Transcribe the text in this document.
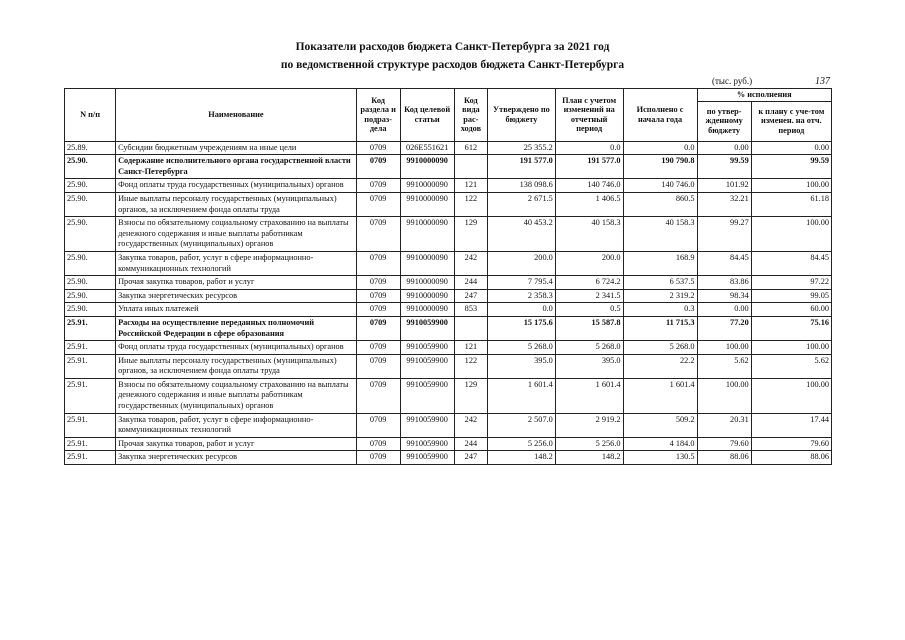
Показатели расходов бюджета Санкт-Петербурга за 2021 год
по ведомственной структуре расходов бюджета Санкт-Петербурга
(тыс. руб.)	137
N п/п	Наименование	Код раздела и подраз-дела	Код целевой статьи	Код вида рас-ходов	Утверждено по бюджету	План с учетом изменений на отчетный период	Исполнено с начала года	% исполнения	
								по утвер-жденному бюджету	к плану с уче-том изменен. на отч. период
25.89.	Субсидии бюджетным учреждениям на иные цели	0709	026Е551621	612	25 355.2	0.0	0.0	0.00	0.00
25.90.	Содержание исполнительного органа государственной власти Санкт-Петербурга	0709	9910000090		191 577.0	191 577.0	190 790.8	99.59	99.59
25.90.	Фонд оплаты труда государственных (муниципальных) органов	0709	9910000090	121	138 098.6	140 746.0	140 746.0	101.92	100.00
25.90.	Иные выплаты персоналу государственных (муниципальных) органов, за исключением фонда оплаты труда	0709	9910000090	122	2 671.5	1 406.5	860.5	32.21	61.18
25.90.	Взносы по обязательному социальному страхованию на выплаты денежного содержания и иные выплаты работникам государственных (муниципальных) органов	0709	9910000090	129	40 453.2	40 158.3	40 158.3	99.27	100.00
25.90.	Закупка товаров, работ, услуг в сфере информационно-коммуникационных технологий	0709	9910000090	242	200.0	200.0	168.9	84.45	84.45
25.90.	Прочая закупка товаров, работ и услуг	0709	9910000090	244	7 795.4	6 724.2	6 537.5	83.86	97.22
25.90.	Закупка энергетических ресурсов	0709	9910000090	247	2 358.3	2 341.5	2 319.2	98.34	99.05
25.90.	Уплата иных платежей	0709	9910000090	853	0.0	0.5	0.3	0.00	60.00
25.91.	Расходы на осуществление переданных полномочий Российской Федерации в сфере образования	0709	9910059900		15 175.6	15 587.8	11 715.3	77.20	75.16
25.91.	Фонд оплаты труда государственных (муниципальных) органов	0709	9910059900	121	5 268.0	5 268.0	5 268.0	100.00	100.00
25.91.	Иные выплаты персоналу государственных (муниципальных) органов, за исключением фонда оплаты труда	0709	9910059900	122	395.0	395.0	22.2	5.62	5.62
25.91.	Взносы по обязательному социальному страхованию на выплаты денежного содержания и иные выплаты работникам государственных (муниципальных) органов	0709	9910059900	129	1 601.4	1 601.4	1 601.4	100.00	100.00
25.91.	Закупка товаров, работ, услуг в сфере информационно-коммуникационных технологий	0709	9910059900	242	2 507.0	2 919.2	509.2	20.31	17.44
25.91.	Прочая закупка товаров, работ и услуг	0709	9910059900	244	5 256.0	5 256.0	4 184.0	79.60	79.60
25.91.	Закупка энергетических ресурсов	0709	9910059900	247	148.2	148.2	130.5	88.06	88.06
